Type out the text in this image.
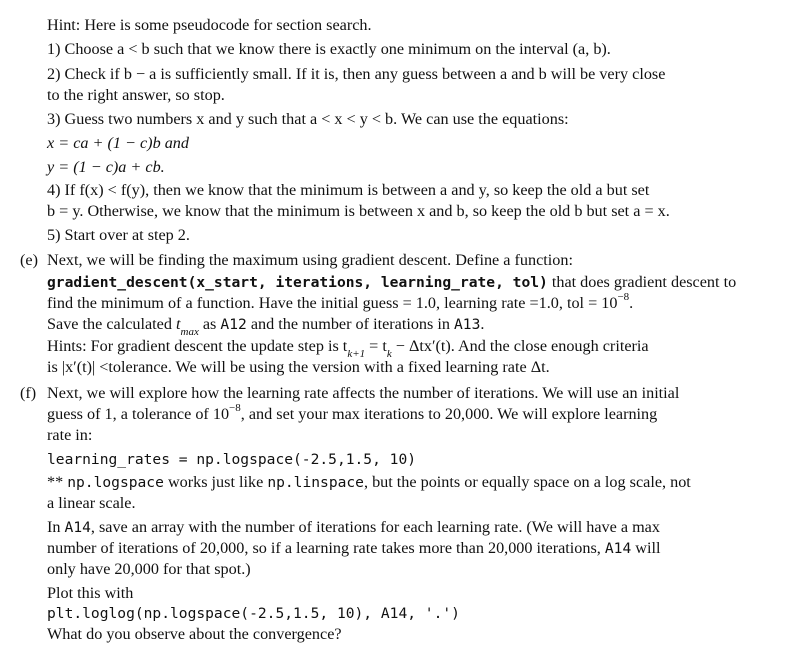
Hint: Here is some pseudocode for section search.
1) Choose a < b such that we know there is exactly one minimum on the interval (a, b).
2) Check if b − a is sufficiently small. If it is, then any guess between a and b will be very close
to the right answer, so stop.
3) Guess two numbers x and y such that a < x < y < b. We can use the equations:
x = ca + (1 − c)b and
y = (1 − c)a + cb.
4) If f(x) < f(y), then we know that the minimum is between a and y, so keep the old a but set
b = y. Otherwise, we know that the minimum is between x and b, so keep the old b but set a = x.
5) Start over at step 2.
(e) Next, we will be finding the maximum using gradient descent. Define a function:
gradient_descent(x_start, iterations, learning_rate, tol) that does gradient descent to
find the minimum of a function. Have the initial guess = 1.0, learning rate =1.0, tol = $10^{-8}$.
Save the calculated $t_{max}$ as A12 and the number of iterations in A13.
Hints: For gradient descent the update step is $t_{k+1} = t_k - \Delta tx'(t)$. And the close enough criteria
is |x′(t)| <tolerance. We will be using the version with a fixed learning rate Δt.
(f) Next, we will explore how the learning rate affects the number of iterations. We will use an initial
guess of 1, a tolerance of $10^{-8}$, and set your max iterations to 20,000. We will explore learning
rate in:
learning_rates = np.logspace(-2.5,1.5, 10)
** np.logspace works just like np.linspace, but the points or equally space on a log scale, not
a linear scale.
In A14, save an array with the number of iterations for each learning rate. (We will have a max
number of iterations of 20,000, so if a learning rate takes more than 20,000 iterations, A14 will
only have 20,000 for that spot.)
Plot this with
plt.loglog(np.logspace(-2.5,1.5, 10), A14, '.')
What do you observe about the convergence?
